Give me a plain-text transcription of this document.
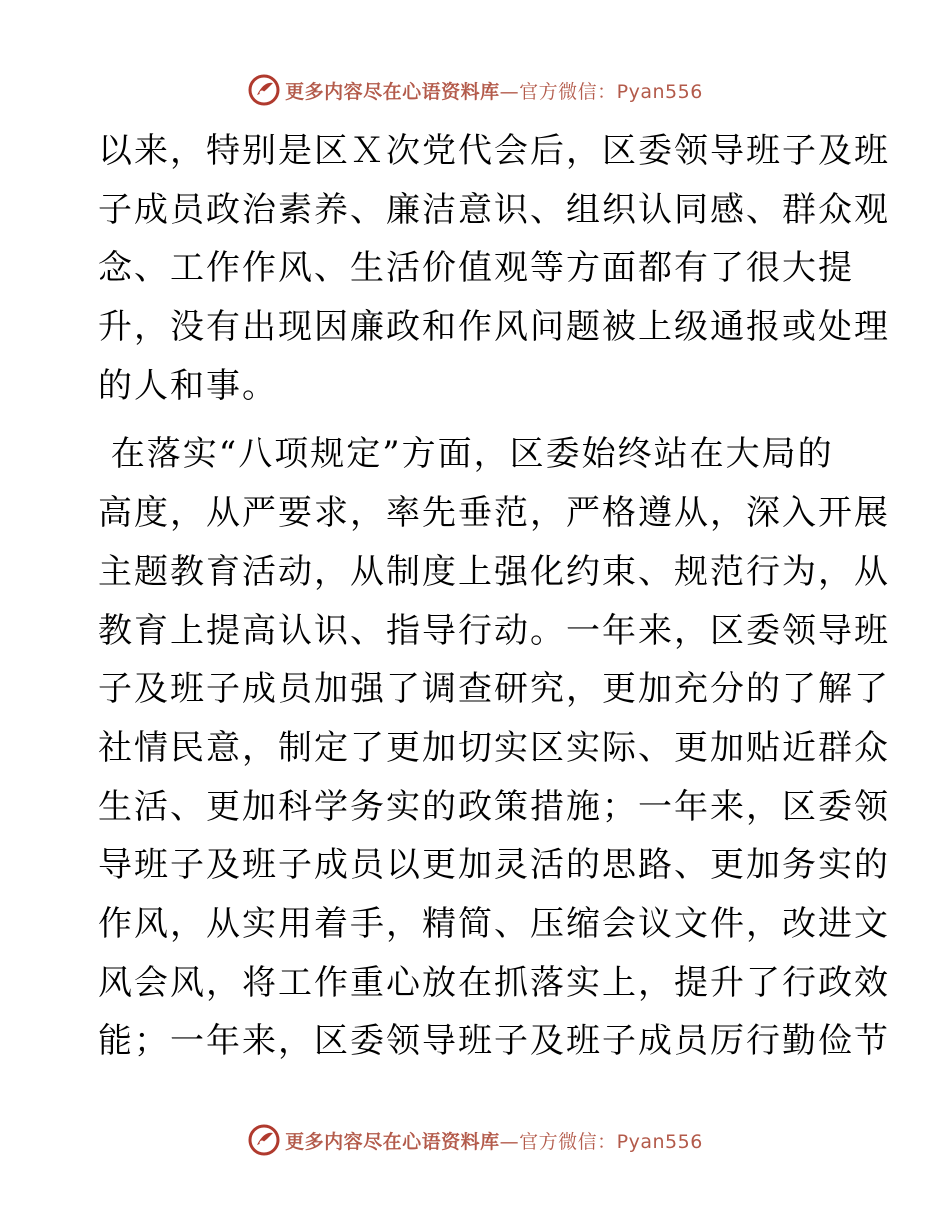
更多内容尽在心语资料库—官方微信：Pyan556
以来，特别是区Ｘ次党代会后，区委领导班子及班
子成员政治素养、廉洁意识、组织认同感、群众观
念、工作作风、生活价值观等方面都有了很大提
升，没有出现因廉政和作风问题被上级通报或处理
的人和事。
在落实“八项规定”方面，区委始终站在大局的
高度，从严要求，率先垂范，严格遵从，深入开展
主题教育活动，从制度上强化约束、规范行为，从
教育上提高认识、指导行动。一年来，区委领导班
子及班子成员加强了调查研究，更加充分的了解了
社情民意，制定了更加切实区实际、更加贴近群众
生活、更加科学务实的政策措施；一年来，区委领
导班子及班子成员以更加灵活的思路、更加务实的
作风，从实用着手，精简、压缩会议文件，改进文
风会风，将工作重心放在抓落实上，提升了行政效
能；一年来，区委领导班子及班子成员厉行勤俭节
更多内容尽在心语资料库—官方微信：Pyan556
